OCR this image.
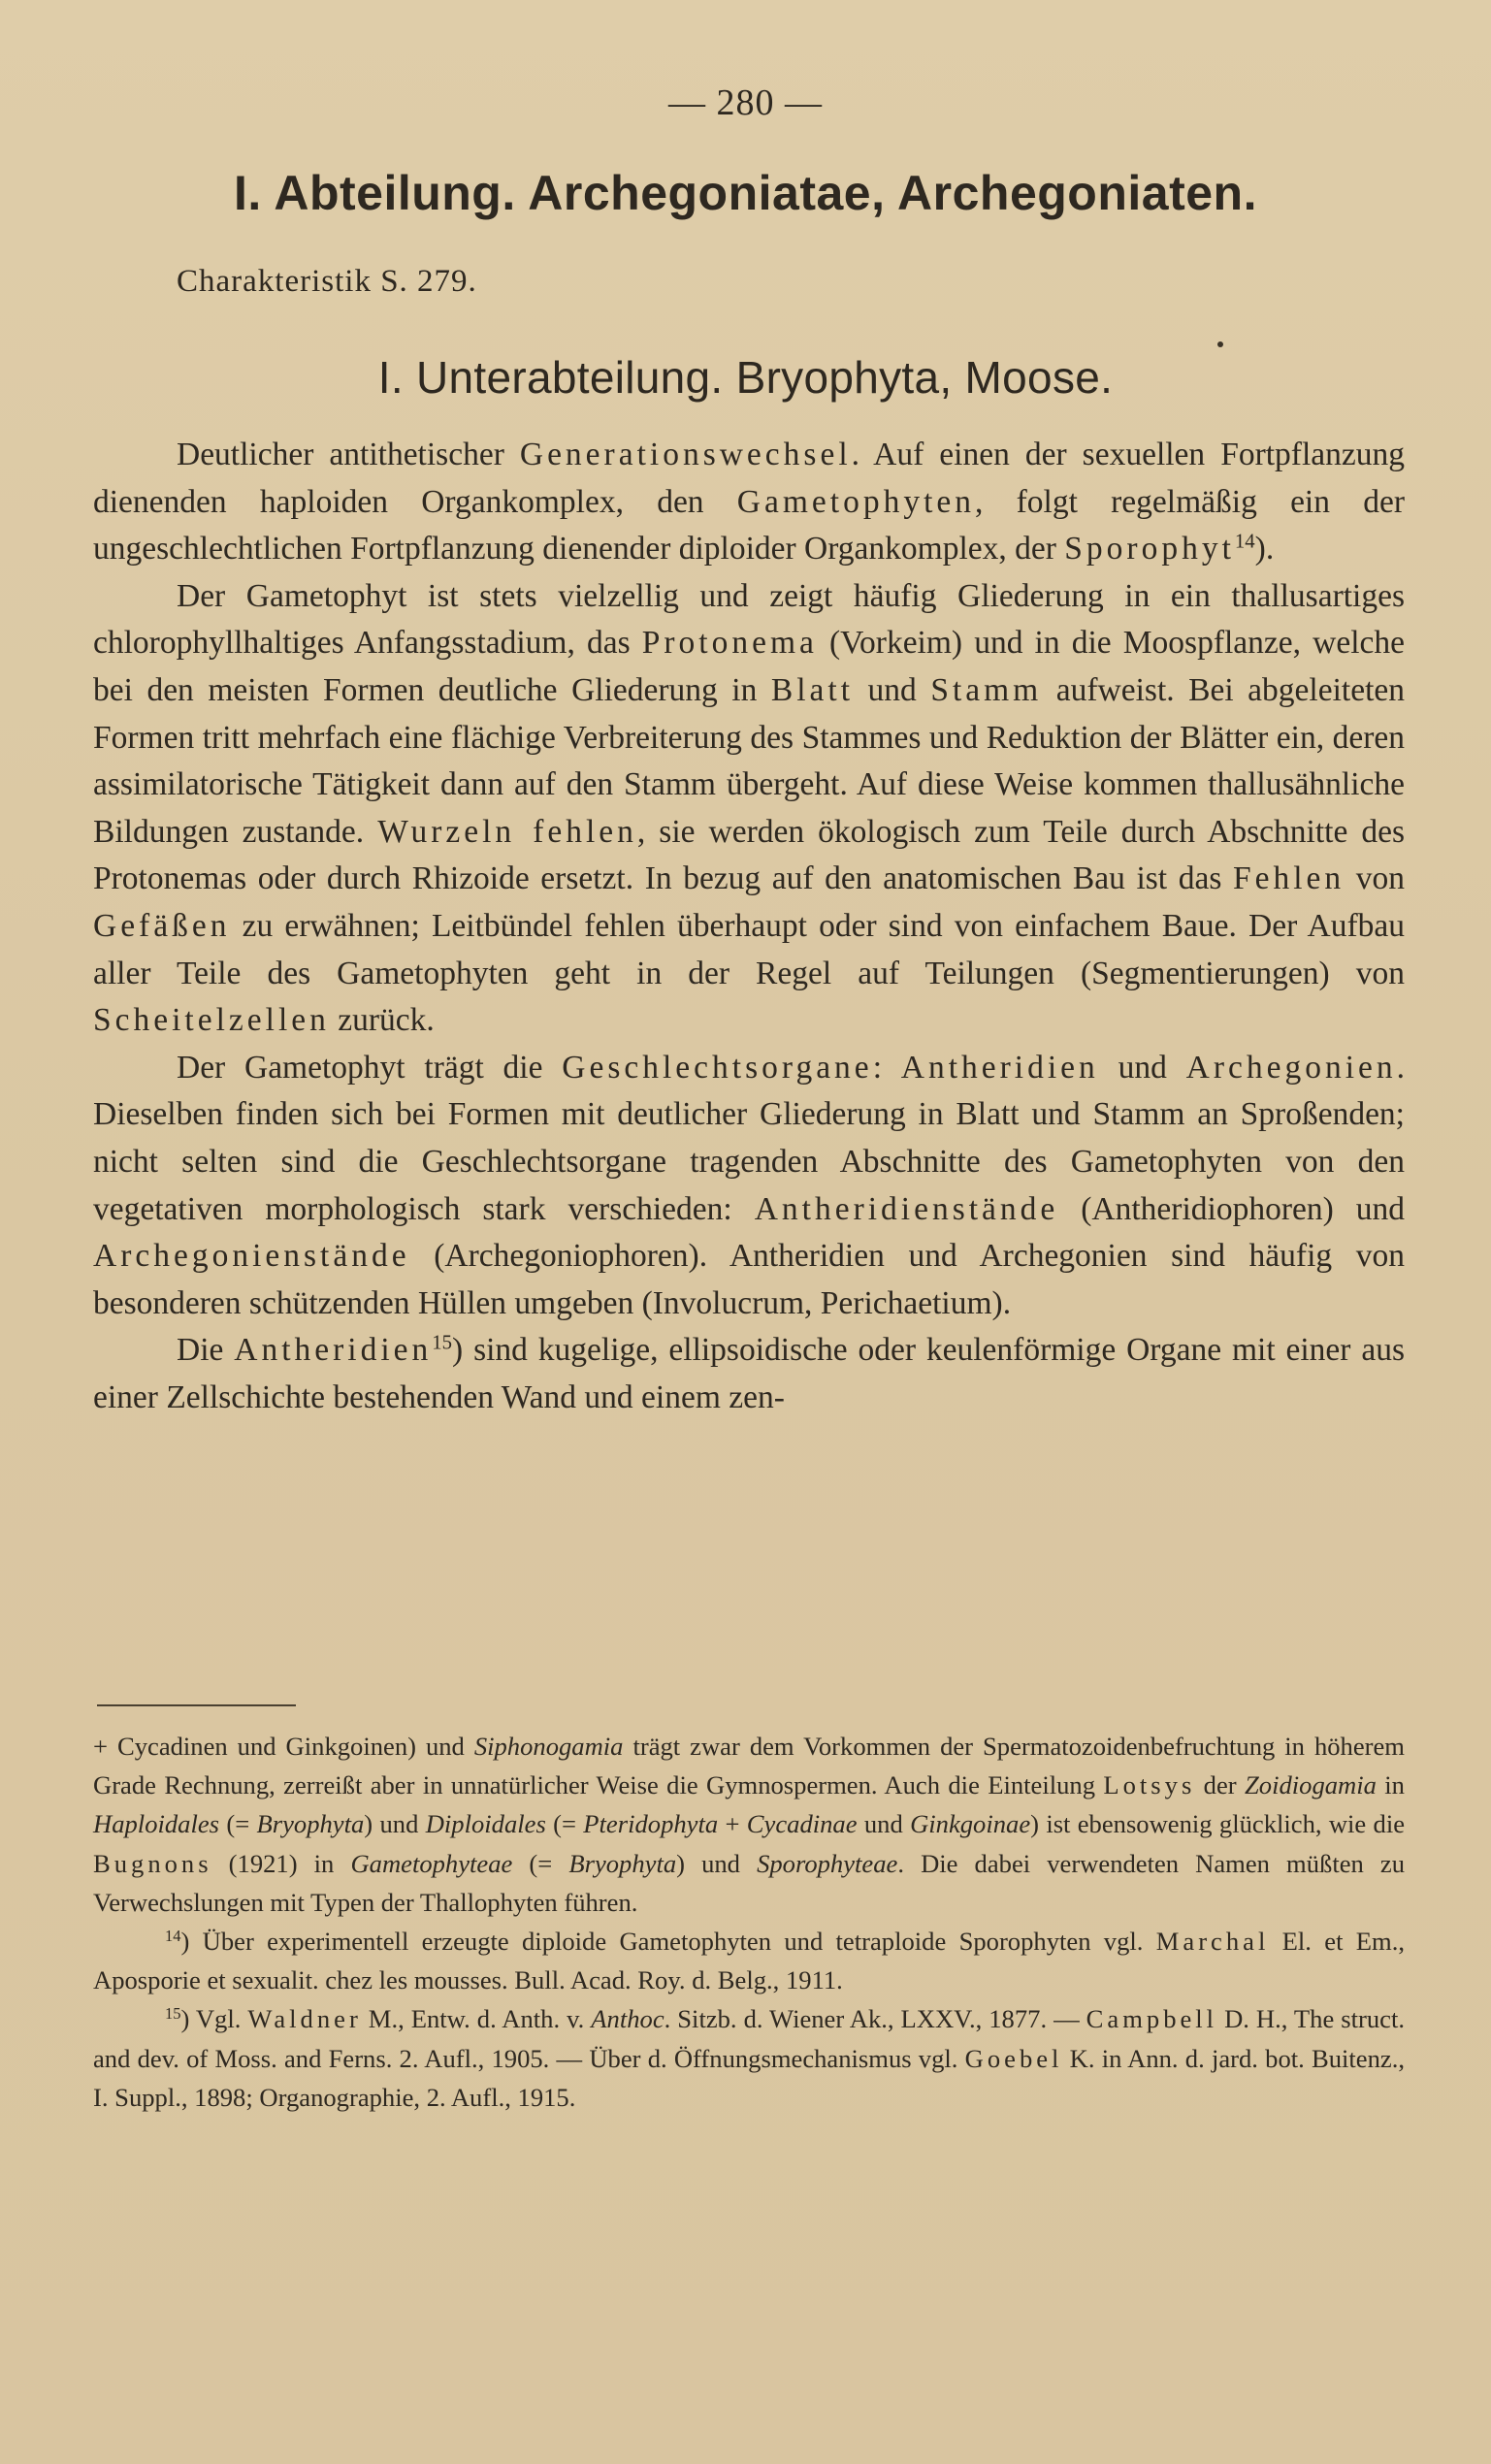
— 280 —
I. Abteilung. Archegoniatae, Archegoniaten.
Charakteristik S. 279.
I. Unterabteilung. Bryophyta, Moose.

Deutlicher antithetischer Generationswechsel. Auf einen der sexuellen Fortpflanzung dienenden haploiden Organkomplex, den Gametophyten, folgt regelmäßig ein der ungeschlechtlichen Fortpflanzung dienender diploider Organkomplex, der Sporophyt$^{14}$).

Der Gametophyt ist stets vielzellig und zeigt häufig Gliederung in ein thallusartiges chlorophyllhaltiges Anfangsstadium, das Protonema (Vorkeim) und in die Moospflanze, welche bei den meisten Formen deutliche Gliederung in Blatt und Stamm aufweist. Bei abgeleiteten Formen tritt mehrfach eine flächige Verbreiterung des Stammes und Reduktion der Blätter ein, deren assimilatorische Tätigkeit dann auf den Stamm übergeht. Auf diese Weise kommen thallusähnliche Bildungen zustande. Wurzeln fehlen, sie werden ökologisch zum Teile durch Abschnitte des Protonemas oder durch Rhizoide ersetzt. In bezug auf den anatomischen Bau ist das Fehlen von Gefäßen zu erwähnen; Leitbündel fehlen überhaupt oder sind von einfachem Baue. Der Aufbau aller Teile des Gametophyten geht in der Regel auf Teilungen (Segmentierungen) von Scheitelzellen zurück.

Der Gametophyt trägt die Geschlechtsorgane: Antheridien und Archegonien. Dieselben finden sich bei Formen mit deutlicher Gliederung in Blatt und Stamm an Sproßenden; nicht selten sind die Geschlechtsorgane tragenden Abschnitte des Gametophyten von den vegetativen morphologisch stark verschieden: Antheridienstände (Antheridiophoren) und Archegonienstände (Archegoniophoren). Antheridien und Archegonien sind häufig von besonderen schützenden Hüllen umgeben (Involucrum, Perichaetium).

Die Antheridien$^{15}$) sind kugelige, ellipsoidische oder keulenförmige Organe mit einer aus einer Zellschichte bestehenden Wand und einem zen-

+ Cycadinen und Ginkgoinen) und Siphonogamia trägt zwar dem Vorkommen der Spermatozoidenbefruchtung in höherem Grade Rechnung, zerreißt aber in unnatürlicher Weise die Gymnospermen. Auch die Einteilung Lotsys der Zoidiogamia in Haploidales (= Bryophyta) und Diploidales (= Pteridophyta + Cycadinae und Ginkgoinae) ist ebensowenig glücklich, wie die Bugnons (1921) in Gametophyteae (= Bryophyta) und Sporophyteae. Die dabei verwendeten Namen müßten zu Verwechslungen mit Typen der Thallophyten führen.

$^{14}$) Über experimentell erzeugte diploide Gametophyten und tetraploide Sporophyten vgl. Marchal El. et Em., Aposporie et sexualit. chez les mousses. Bull. Acad. Roy. d. Belg., 1911.

$^{15}$) Vgl. Waldner M., Entw. d. Anth. v. Anthoc. Sitzb. d. Wiener Ak., LXXV., 1877. — Campbell D. H., The struct. and dev. of Moss. and Ferns. 2. Aufl., 1905. — Über d. Öffnungsmechanismus vgl. Goebel K. in Ann. d. jard. bot. Buitenz., I. Suppl., 1898; Organographie, 2. Aufl., 1915.
